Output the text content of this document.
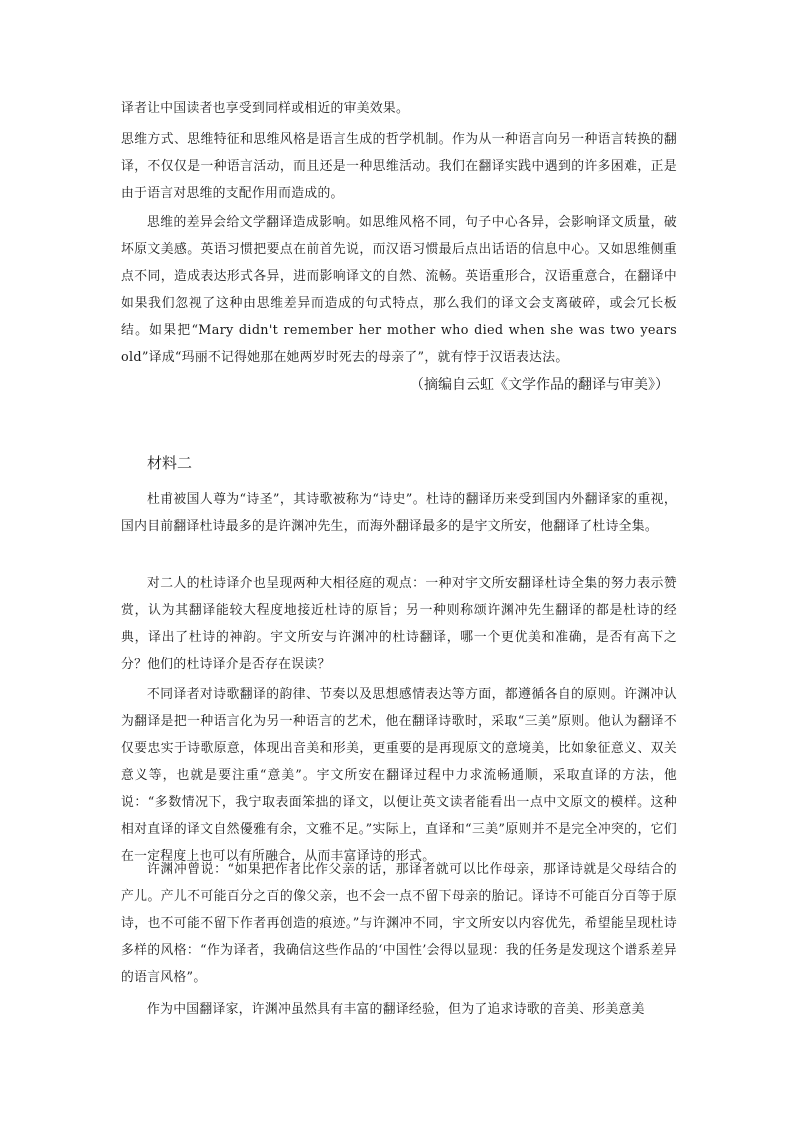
译者让中国读者也享受到同样或相近的审美效果。

思维方式、思维特征和思维风格是语言生成的哲学机制。作为从一种语言向另一种语言转换的翻译，不仅仅是一种语言活动，而且还是一种思维活动。我们在翻译实践中遇到的许多困难，正是由于语言对思维的支配作用而造成的。

思维的差异会给文学翻译造成影响。如思维风格不同，句子中心各异，会影响译文质量，破坏原文美感。英语习惯把要点在前首先说，而汉语习惯最后点出话语的信息中心。又如思维侧重点不同，造成表达形式各异，进而影响译文的自然、流畅。英语重形合，汉语重意合，在翻译中如果我们忽视了这种由思维差异而造成的句式特点，那么我们的译文会支离破碎，或会冗长板结。如果把“Mary didn't remember her mother who died when she was two years old”译成“玛丽不记得她那在她两岁时死去的母亲了”，就有悖于汉语表达法。

（摘编自云虹《文学作品的翻译与审美》）

材料二

杜甫被国人尊为“诗圣”，其诗歌被称为“诗史”。杜诗的翻译历来受到国内外翻译家的重视，国内目前翻译杜诗最多的是许渊冲先生，而海外翻译最多的是宇文所安，他翻译了杜诗全集。

对二人的杜诗译介也呈现两种大相径庭的观点：一种对宇文所安翻译杜诗全集的努力表示赞赏，认为其翻译能较大程度地接近杜诗的原旨；另一种则称颂许渊冲先生翻译的都是杜诗的经典，译出了杜诗的神韵。宇文所安与许渊冲的杜诗翻译，哪一个更优美和准确，是否有高下之分？他们的杜诗译介是否存在误读？

不同译者对诗歌翻译的韵律、节奏以及思想感情表达等方面，都遵循各自的原则。许渊冲认为翻译是把一种语言化为另一种语言的艺术，他在翻译诗歌时，采取“三美”原则。他认为翻译不仅要忠实于诗歌原意，体现出音美和形美，更重要的是再现原文的意境美，比如象征意义、双关意义等，也就是要注重“意美”。宇文所安在翻译过程中力求流畅通顺，采取直译的方法，他说：“多数情况下，我宁取表面笨拙的译文，以便让英文读者能看出一点中文原文的模样。这种相对直译的译文自然優雅有余，文雅不足。”实际上，直译和“三美”原则并不是完全冲突的，它们在一定程度上也可以有所融合，从而丰富译诗的形式。

许渊冲曾说：“如果把作者比作父亲的话，那译者就可以比作母亲，那译诗就是父母结合的产儿。产儿不可能百分之百的像父亲，也不会一点不留下母亲的胎记。译诗不可能百分百等于原诗，也不可能不留下作者再创造的痕迹。”与许渊冲不同，宇文所安以内容优先，希望能呈现杜诗多样的风格：“作为译者，我确信这些作品的‘中国性’会得以显现：我的任务是发现这个谱系差异的语言风格”。

作为中国翻译家，许渊冲虽然具有丰富的翻译经验，但为了追求诗歌的音美、形美意美
